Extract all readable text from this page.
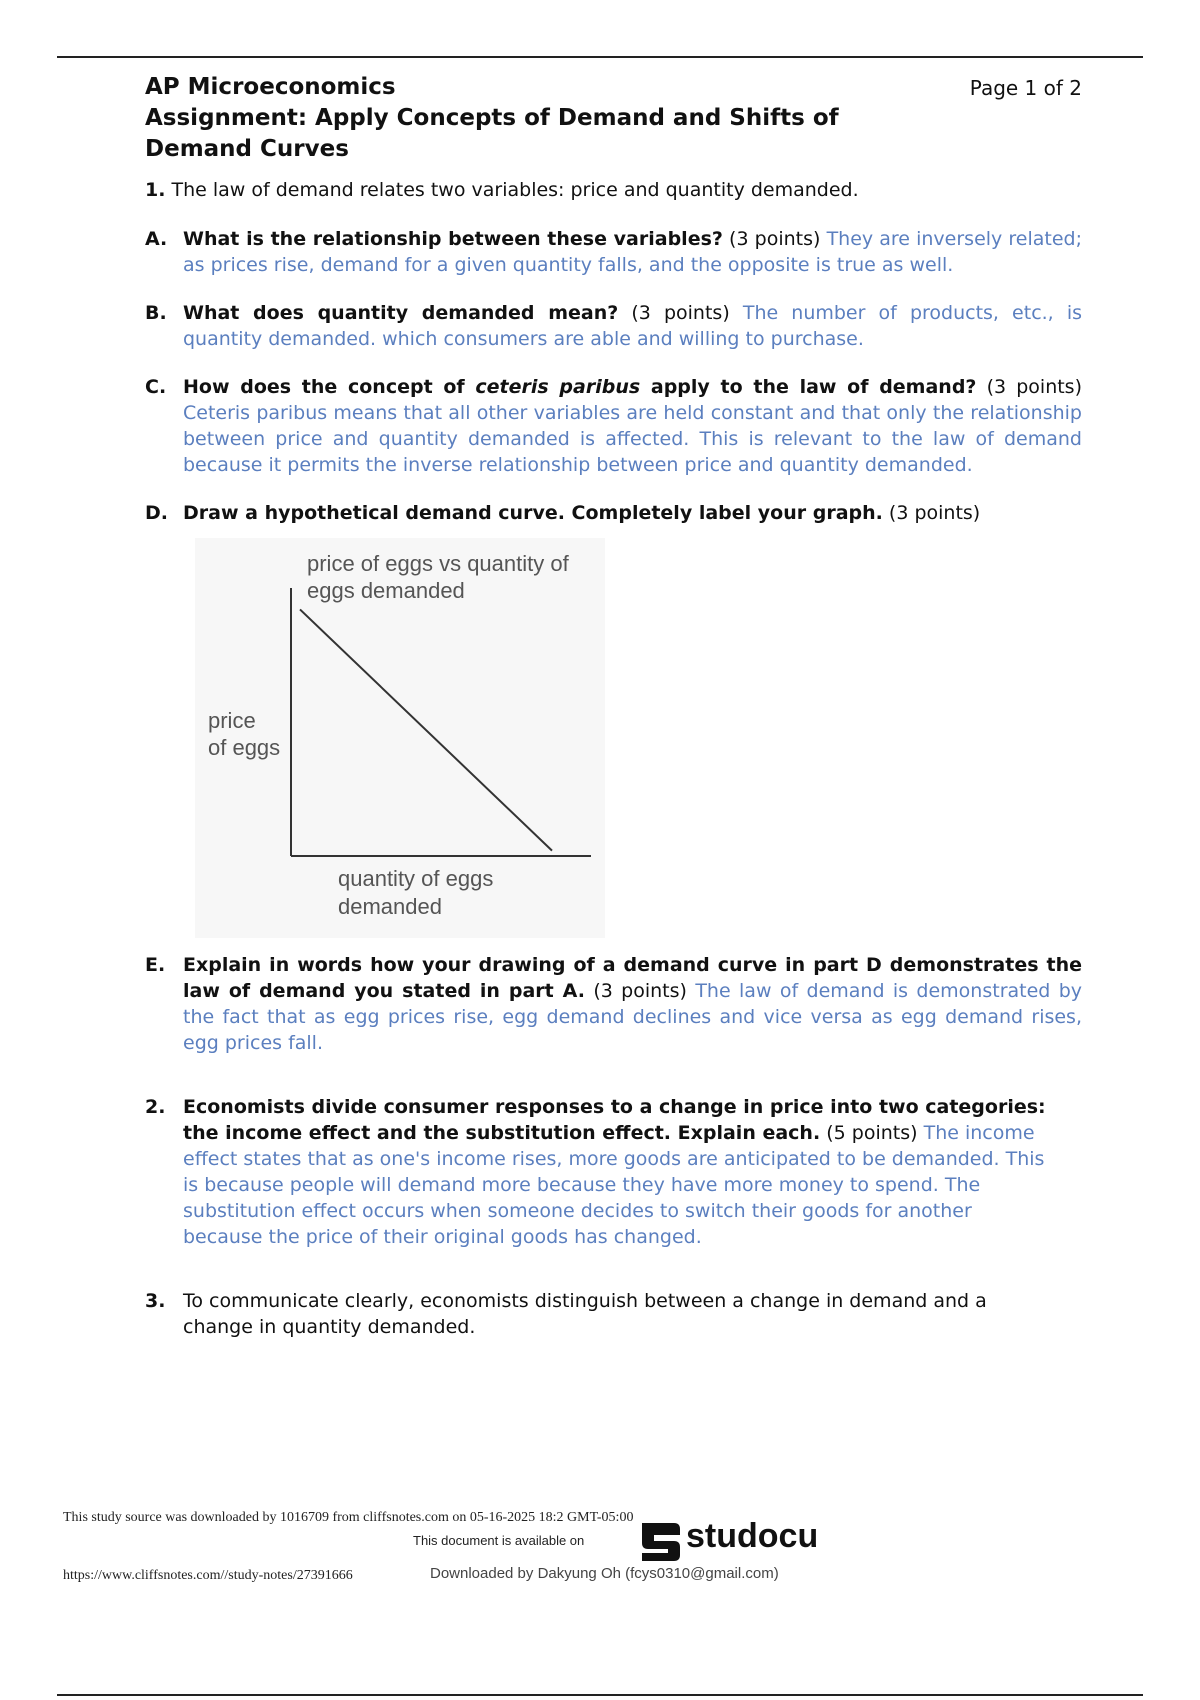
AP Microeconomics
Assignment: Apply Concepts of Demand and Shifts of Demand Curves
Page 1 of 2
1. The law of demand relates two variables: price and quantity demanded.
A. What is the relationship between these variables? (3 points) They are inversely related; as prices rise, demand for a given quantity falls, and the opposite is true as well.
B. What does quantity demanded mean? (3 points) The number of products, etc., is quantity demanded. which consumers are able and willing to purchase.
C. How does the concept of ceteris paribus apply to the law of demand? (3 points) Ceteris paribus means that all other variables are held constant and that only the relationship between price and quantity demanded is affected. This is relevant to the law of demand because it permits the inverse relationship between price and quantity demanded.
D. Draw a hypothetical demand curve. Completely label your graph. (3 points)
price of eggs vs quantity of
eggs demanded
price
of eggs
quantity of eggs
demanded
E. Explain in words how your drawing of a demand curve in part D demonstrates the law of demand you stated in part A. (3 points) The law of demand is demonstrated by the fact that as egg prices rise, egg demand declines and vice versa as egg demand rises, egg prices fall.
2. Economists divide consumer responses to a change in price into two categories: the income effect and the substitution effect. Explain each. (5 points) The income effect states that as one's income rises, more goods are anticipated to be demanded. This is because people will demand more because they have more money to spend. The substitution effect occurs when someone decides to switch their goods for another because the price of their original goods has changed.
3. To communicate clearly, economists distinguish between a change in demand and a change in quantity demanded.
This study source was downloaded by 1016709 from cliffsnotes.com on 05-16-2025 18:2 GMT-05:00
This document is available on	studocu
https://www.cliffsnotes.com//study-notes/27391666	Downloaded by Dakyung Oh (fcys0310@gmail.com)
